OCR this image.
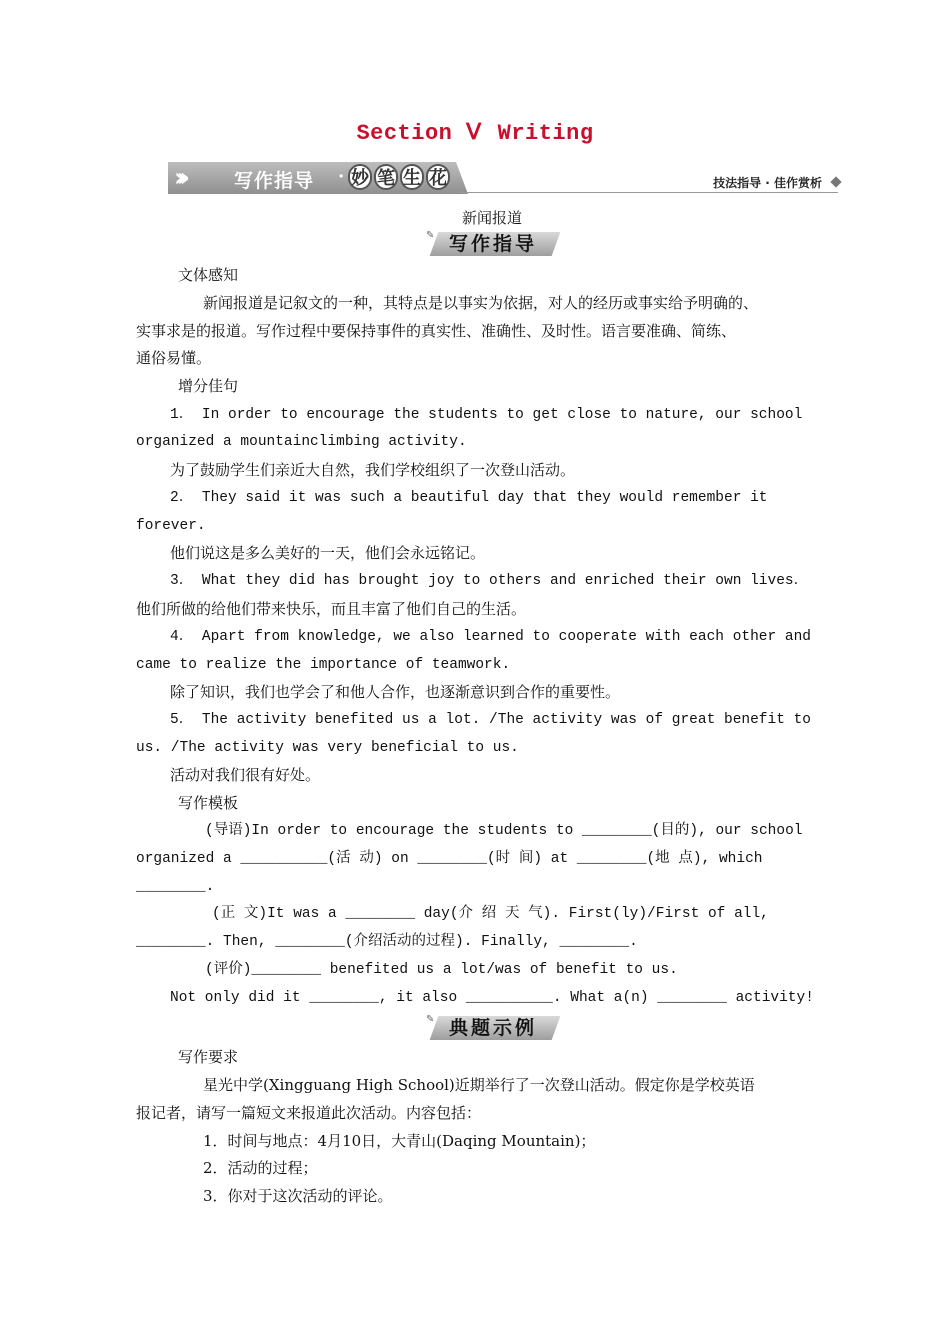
Section Ⅴ Writing
›››	写作指导 · 妙 笔 生 花	技法指导 · 佳作赏析
新闻报道
✎ 写作指导
文体感知
新闻报道是记叙文的一种，其特点是以事实为依据，对人的经历或事实给予明确的、
实事求是的报道。写作过程中要保持事件的真实性、准确性、及时性。语言要准确、简练、
通俗易懂。
增分佳句
1． In order to encourage the students to get close to nature, our school
organized a mountainclimbing activity.
为了鼓励学生们亲近大自然，我们学校组织了一次登山活动。
2． They said it was such a beautiful day that they would remember it
forever.
他们说这是多么美好的一天，他们会永远铭记。
3． What they did has brought joy to others and enriched their own lives．
他们所做的给他们带来快乐，而且丰富了他们自己的生活。
4． Apart from knowledge, we also learned to cooperate with each other and
came to realize the importance of teamwork.
除了知识，我们也学会了和他人合作，也逐渐意识到合作的重要性。
5． The activity benefited us a lot. /The activity was of great benefit to
us. /The activity was very beneficial to us.
活动对我们很有好处。
写作模板
(导语)In order to encourage the students to ________(目的), our school
organized a __________(活 动) on ________(时 间) at ________(地 点), which
________.
(正 文)It was a ________ day(介 绍 天 气). First(ly)/First of all,
________. Then, ________(介绍活动的过程). Finally, ________.
(评价)________ benefited us a lot/was of benefit to us.
Not only did it ________, it also __________. What a(n) ________ activity!
✎ 典题示例
写作要求
星光中学(Xingguang High School)近期举行了一次登山活动。假定你是学校英语
报记者，请写一篇短文来报道此次活动。内容包括：
1．时间与地点：4月10日，大青山(Daqing Mountain)；
2．活动的过程；
3．你对于这次活动的评论。
